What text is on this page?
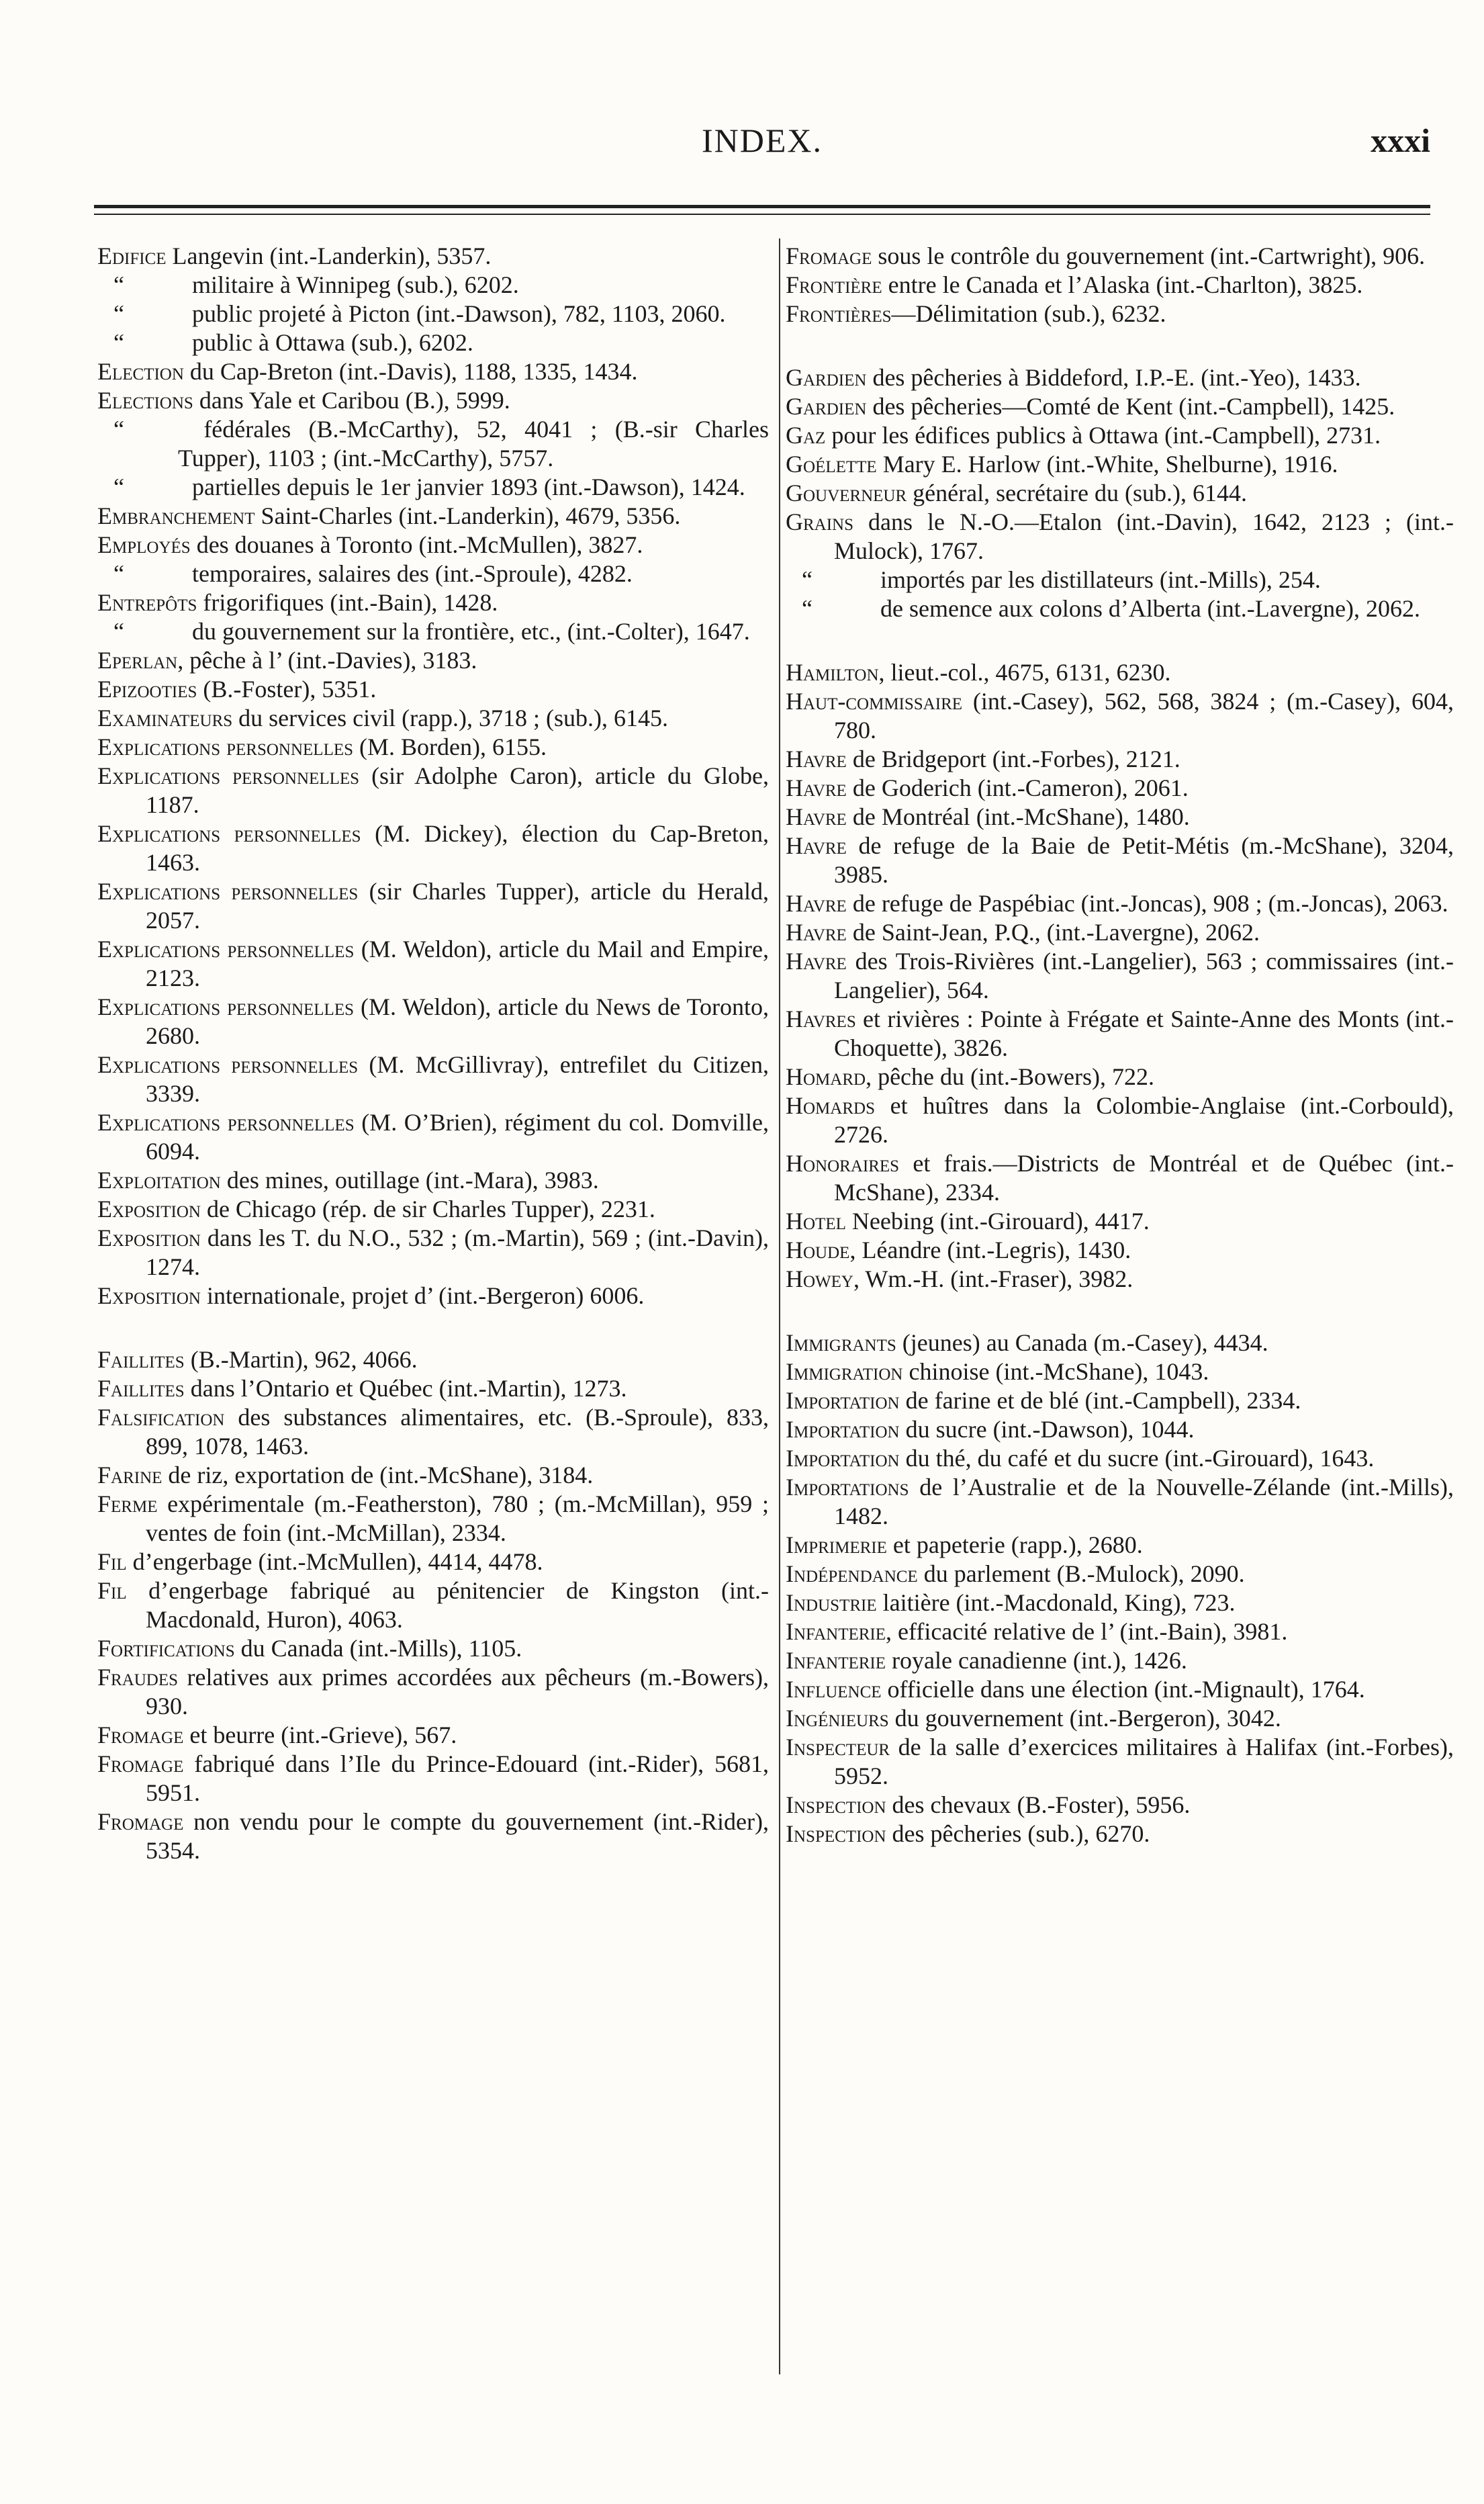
INDEX.	xxxi
Edifice Langevin (int.-Landerkin), 5357.
“	militaire à Winnipeg (sub.), 6202.
“	public projeté à Picton (int.-Dawson), 782, 1103, 2060.
“	public à Ottawa (sub.), 6202.
Election du Cap-Breton (int.-Davis), 1188, 1335, 1434.
Elections dans Yale et Caribou (B.), 5999.
“	fédérales (B.-McCarthy), 52, 4041 ; (B.-sir Charles Tupper), 1103 ; (int.-McCarthy), 5757.
“	partielles depuis le 1er janvier 1893 (int.-Dawson), 1424.
Embranchement Saint-Charles (int.-Landerkin), 4679, 5356.
Employés des douanes à Toronto (int.-McMullen), 3827.
“	temporaires, salaires des (int.-Sproule), 4282.
Entrepôts frigorifiques (int.-Bain), 1428.
“	du gouvernement sur la frontière, etc., (int.-Colter), 1647.
Eperlan, pêche à l’ (int.-Davies), 3183.
Epizooties (B.-Foster), 5351.
Examinateurs du services civil (rapp.), 3718 ; (sub.), 6145.
Explications personnelles (M. Borden), 6155.
Explications personnelles (sir Adolphe Caron), article du Globe, 1187.
Explications personnelles (M. Dickey), élection du Cap-Breton, 1463.
Explications personnelles (sir Charles Tupper), article du Herald, 2057.
Explications personnelles (M. Weldon), article du Mail and Empire, 2123.
Explications personnelles (M. Weldon), article du News de Toronto, 2680.
Explications personnelles (M. McGillivray), entrefilet du Citizen, 3339.
Explications personnelles (M. O’Brien), régiment du col. Domville, 6094.
Exploitation des mines, outillage (int.-Mara), 3983.
Exposition de Chicago (rép. de sir Charles Tupper), 2231.
Exposition dans les T. du N.O., 532 ; (m.-Martin), 569 ; (int.-Davin), 1274.
Exposition internationale, projet d’ (int.-Bergeron) 6006.
Faillites (B.-Martin), 962, 4066.
Faillites dans l’Ontario et Québec (int.-Martin), 1273.
Falsification des substances alimentaires, etc. (B.-Sproule), 833, 899, 1078, 1463.
Farine de riz, exportation de (int.-McShane), 3184.
Ferme expérimentale (m.-Featherston), 780 ; (m.-McMillan), 959 ; ventes de foin (int.-McMillan), 2334.
Fil d’engerbage (int.-McMullen), 4414, 4478.
Fil d’engerbage fabriqué au pénitencier de Kingston (int.-Macdonald, Huron), 4063.
Fortifications du Canada (int.-Mills), 1105.
Fraudes relatives aux primes accordées aux pêcheurs (m.-Bowers), 930.
Fromage et beurre (int.-Grieve), 567.
Fromage fabriqué dans l’Ile du Prince-Edouard (int.-Rider), 5681, 5951.
Fromage non vendu pour le compte du gouvernement (int.-Rider), 5354.
Fromage sous le contrôle du gouvernement (int.-Cartwright), 906.
Frontière entre le Canada et l’Alaska (int.-Charlton), 3825.
Frontières—Délimitation (sub.), 6232.
Gardien des pêcheries à Biddeford, I.P.-E. (int.-Yeo), 1433.
Gardien des pêcheries—Comté de Kent (int.-Campbell), 1425.
Gaz pour les édifices publics à Ottawa (int.-Campbell), 2731.
Goélette Mary E. Harlow (int.-White, Shelburne), 1916.
Gouverneur général, secrétaire du (sub.), 6144.
Grains dans le N.-O.—Etalon (int.-Davin), 1642, 2123 ; (int.-Mulock), 1767.
“	importés par les distillateurs (int.-Mills), 254.
“	de semence aux colons d’Alberta (int.-Lavergne), 2062.
Hamilton, lieut.-col., 4675, 6131, 6230.
Haut-commissaire (int.-Casey), 562, 568, 3824 ; (m.-Casey), 604, 780.
Havre de Bridgeport (int.-Forbes), 2121.
Havre de Goderich (int.-Cameron), 2061.
Havre de Montréal (int.-McShane), 1480.
Havre de refuge de la Baie de Petit-Métis (m.-McShane), 3204, 3985.
Havre de refuge de Paspébiac (int.-Joncas), 908 ; (m.-Joncas), 2063.
Havre de Saint-Jean, P.Q., (int.-Lavergne), 2062.
Havre des Trois-Rivières (int.-Langelier), 563 ; commissaires (int.-Langelier), 564.
Havres et rivières : Pointe à Frégate et Sainte-Anne des Monts (int.-Choquette), 3826.
Homard, pêche du (int.-Bowers), 722.
Homards et huîtres dans la Colombie-Anglaise (int.-Corbould), 2726.
Honoraires et frais.—Districts de Montréal et de Québec (int.-McShane), 2334.
Hotel Neebing (int.-Girouard), 4417.
Houde, Léandre (int.-Legris), 1430.
Howey, Wm.-H. (int.-Fraser), 3982.
Immigrants (jeunes) au Canada (m.-Casey), 4434.
Immigration chinoise (int.-McShane), 1043.
Importation de farine et de blé (int.-Campbell), 2334.
Importation du sucre (int.-Dawson), 1044.
Importation du thé, du café et du sucre (int.-Girouard), 1643.
Importations de l’Australie et de la Nouvelle-Zélande (int.-Mills), 1482.
Imprimerie et papeterie (rapp.), 2680.
Indépendance du parlement (B.-Mulock), 2090.
Industrie laitière (int.-Macdonald, King), 723.
Infanterie, efficacité relative de l’ (int.-Bain), 3981.
Infanterie royale canadienne (int.), 1426.
Influence officielle dans une élection (int.-Mignault), 1764.
Ingénieurs du gouvernement (int.-Bergeron), 3042.
Inspecteur de la salle d’exercices militaires à Halifax (int.-Forbes), 5952.
Inspection des chevaux (B.-Foster), 5956.
Inspection des pêcheries (sub.), 6270.
